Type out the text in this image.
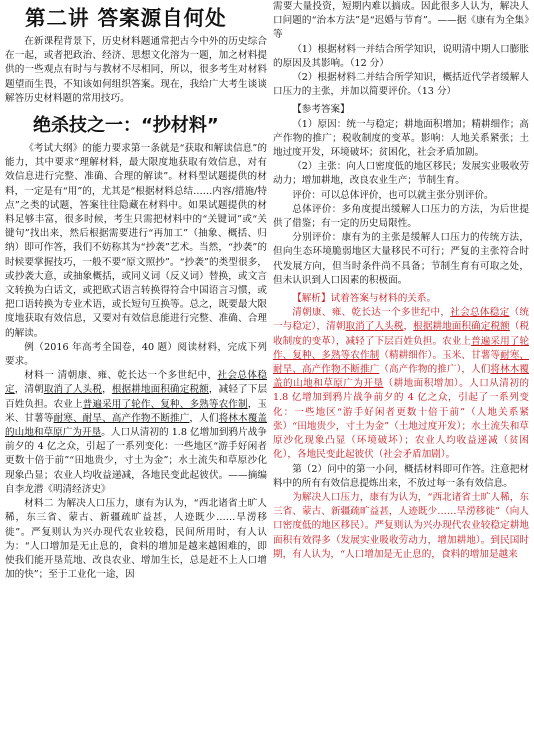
第二讲 答案源自何处

在新课程背景下，历史材料题通常把古今中外的历史综合在一起，或者把政治、经济、思想文化溶为一题，加之材料提供的一些观点有时与与教材不尽相同，所以，很多考生对材料题望而生畏，不知该如何组织答案。现在，我给广大考生谈谈解答历史材料题的常用技巧。

绝杀技之一：“抄材料”

《考试大纲》的能力要求第一条就是“获取和解读信息”的能力，其中要求“理解材料，最大限度地获取有效信息，对有效信息进行完整、准确、合理的解读”。材料型试题提供的材料，一定是有“用”的，尤其是“根据材料总结……内容/措施/特点”之类的试题，答案往往隐藏在材料中。如果试题提供的材料足够丰富，很多时候，考生只需把材料中的“关键词”或“关键句”找出来，然后根据需要进行“再加工”（抽象、概括、归纳）即可作答，我们不妨称其为“抄袭”艺术。当然，“抄袭”的时候要掌握技巧，一般不要“原文照抄”。“抄袭”的类型很多，或抄袭大意，或抽象概括，或同义词（反义词）替换，或文言文转换为白话文，或把欧式语言转换得符合中国语言习惯，或把口语转换为专业术语，或长短句互换等。总之，既要最大限度地获取有效信息，又要对有效信息能进行完整、准确、合理的解读。

例（2016 年高考全国卷，40 题）阅读材料，完成下列要求。

材料一 清朝康、雍、乾长达一个多世纪中，社会总体稳定，清朝取消了人头税，根据耕地面积确定税额，减轻了下层百姓负担。农业上普遍采用了轮作、复种、多熟等农作制，玉米、甘薯等耐寒、耐旱、高产作物不断推广，人们将林木覆盖的山地和草原广为开垦。人口从清初的 1.8 亿增加到鸦片战争前夕的 4 亿之众，引起了一系列变化：一些地区“游手好闲者更数十倍于前”“田地贵少，寸土为金”；水土流失和草原沙化现象凸显；农业人均收益递减，各地民变此起彼伏。——摘编自李龙潜《明清经济史》

材料二 为解决人口压力，康有为认为，“西北诸省土旷人稀，东三省、蒙古、新疆疏旷益甚，人迹既少……旱涝移徙”。严复则认为兴办现代农业较稳，民间所用时，有人认为：“人口增加是无止息的，食料的增加是越来越困难的，即使我们能开垦荒地、改良农业、增加生长，总是赶不上人口增加的快”；至于工业化一途，因

需要大量投资，短期内难以搞成。因此很多人认为，解决人口问题的“治本方法”是“迟婚与节育”。——据《康有为全集》等

（1）根据材料一并结合所学知识，说明清中期人口膨胀的原因及其影响。（12 分）

（2）根据材料二并结合所学知识，概括近代学者缓解人口压力的主张，并加以简要评价。（13 分）

【参考答案】

（1）原因：统一与稳定；耕地面积增加；精耕细作；高产作物的推广；税收制度的变革。影响：人地关系紧张；土地过度开发，环境破坏；贫困化，社会矛盾加剧。

（2）主张：向人口密度低的地区移民；发展实业吸收劳动力；增加耕地，改良农业生产；节制生育。

评价：可以总体评价，也可以就主张分别评价。

总体评价：多角度提出缓解人口压力的方法，为后世提供了借鉴；有一定的历史局限性。

分别评价：康有为的主张是缓解人口压力的传统方法，但向生态环境脆弱地区大量移民不可行；严复的主张符合时代发展方向，但当时条件尚不具备；节制生育有可取之处，但未认识到人口因素的积极面。

【解析】试着答案与材料的关系。

清朝康、雍、乾长达一个多世纪中，社会总体稳定（统一与稳定），清朝取消了人头税，根据耕地面积确定税额（税收制度的变革），减轻了下层百姓负担。农业上普遍采用了轮作、复种、多熟等农作制（精耕细作）。玉米、甘薯等耐寒、耐旱、高产作物不断推广（高产作物的推广），人们将林木覆盖的山地和草原广为开垦（耕地面积增加）。人口从清初的 1.8 亿增加到鸦片战争前夕的 4 亿之众，引起了一系列变化：一些地区“游手好闲者更数十倍于前”（人地关系紧张）“田地贵少，寸土为金”（土地过度开发）；水土流失和草原沙化现象凸显（环境破坏）；农业人均收益递减（贫困化），各地民变此起彼伏（社会矛盾加剧）。

第（2）问中的第一小问，概括材料即可作答。注意把材料中的所有有效信息提炼出来，不放过每一条有效信息。

为解决人口压力，康有为认为，“西北诸省土旷人稀，东三省、蒙古、新疆疏旷益甚，人迹既少……旱涝移徙”（向人口密度低的地区移民）。严复则认为兴办现代农业较稳定耕地面积有效得多（发展实业吸收劳动力，增加耕地）。到民国时期，有人认为，“人口增加是无止息的，食料的增加是越来
